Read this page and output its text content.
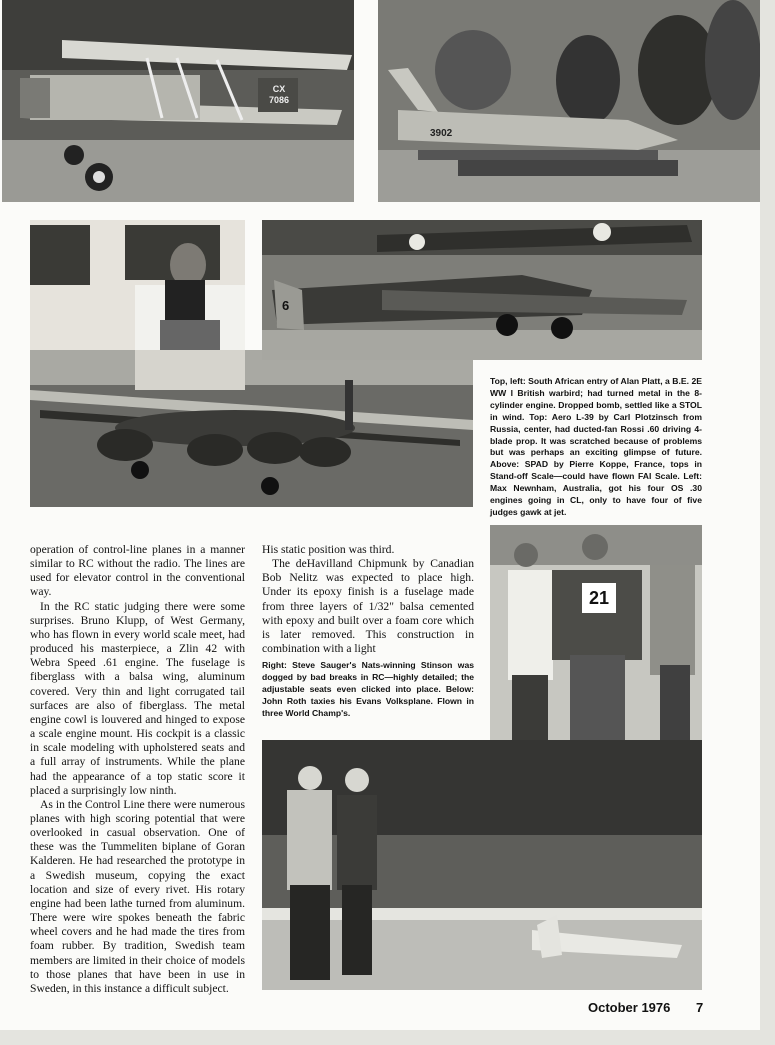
CX 7086
3902
6
Top, left: South African entry of Alan Platt, a B.E. 2E WW I British warbird; had turned metal in the 8-cylinder engine. Dropped bomb, settled like a STOL in wind. Top: Aero L-39 by Carl Plotzinsch from Russia, center, had ducted-fan Rossi .60 driving 4-blade prop. It was scratched because of problems but was perhaps an exciting glimpse of future. Above: SPAD by Pierre Koppe, France, tops in Stand-off Scale—could have flown FAI Scale. Left: Max Newnham, Australia, got his four OS .30 engines going in CL, only to have four of five judges gawk at jet.
21
Right: Steve Sauger's Nats-winning Stinson was dogged by bad breaks in RC—highly detailed; the adjustable seats even clicked into place. Below: John Roth taxies his Evans Volksplane. Flown in three World Champ's.

operation of control-line planes in a manner similar to RC without the radio. The lines are used for elevator control in the conventional way.

In the RC static judging there were some surprises. Bruno Klupp, of West Germany, who has flown in every world scale meet, had produced his masterpiece, a Zlin 42 with Webra Speed .61 engine. The fuselage is fiberglass with a balsa wing, aluminum covered. Very thin and light corrugated tail surfaces are also of fiberglass. The metal engine cowl is louvered and hinged to expose a scale engine mount. His cockpit is a classic in scale modeling with upholstered seats and a full array of instruments. While the plane had the appearance of a top static score it placed a surprisingly low ninth.

As in the Control Line there were numerous planes with high scoring potential that were overlooked in casual observation. One of these was the Tummeliten biplane of Goran Kalderen. He had researched the prototype in a Swedish museum, copying the exact location and size of every rivet. His rotary engine had been lathe turned from aluminum. There were wire spokes beneath the fabric wheel covers and he had made the tires from foam rubber. By tradition, Swedish team members are limited in their choice of models to those planes that have been in use in Sweden, in this instance a difficult subject.

His static position was third.

The deHavilland Chipmunk by Canadian Bob Nelitz was expected to place high. Under its epoxy finish is a fuselage made from three layers of 1/32" balsa cemented with epoxy and built over a foam core which is later removed. This construction in combination with a light

October 1976 7
